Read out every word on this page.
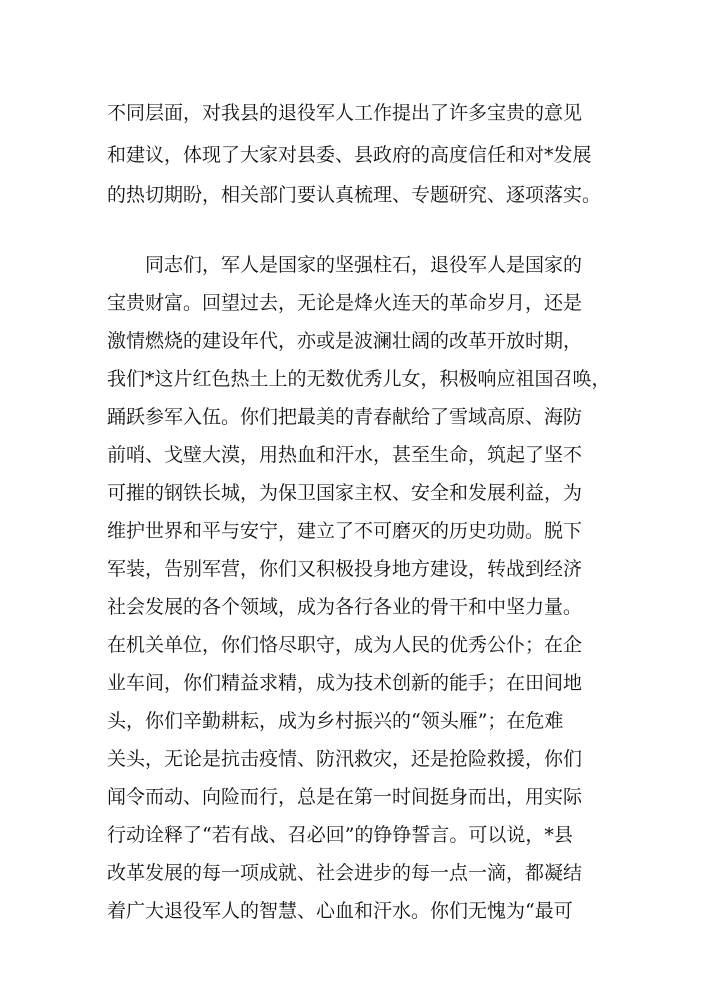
不同层面，对我县的退役军人工作提出了许多宝贵的意见
和建议，体现了大家对县委、县政府的高度信任和对*发展
的热切期盼，相关部门要认真梳理、专题研究、逐项落实。
同志们，军人是国家的坚强柱石，退役军人是国家的
宝贵财富。回望过去，无论是烽火连天的革命岁月，还是
激情燃烧的建设年代，亦或是波澜壮阔的改革开放时期，
我们*这片红色热土上的无数优秀儿女，积极响应祖国召唤，
踊跃参军入伍。你们把最美的青春献给了雪域高原、海防
前哨、戈壁大漠，用热血和汗水，甚至生命，筑起了坚不
可摧的钢铁长城，为保卫国家主权、安全和发展利益，为
维护世界和平与安宁，建立了不可磨灭的历史功勋。脱下
军装，告别军营，你们又积极投身地方建设，转战到经济
社会发展的各个领域，成为各行各业的骨干和中坚力量。
在机关单位，你们恪尽职守，成为人民的优秀公仆；在企
业车间，你们精益求精，成为技术创新的能手；在田间地
头，你们辛勤耕耘，成为乡村振兴的“领头雁”；在危难
关头，无论是抗击疫情、防汛救灾，还是抢险救援，你们
闻令而动、向险而行，总是在第一时间挺身而出，用实际
行动诠释了“若有战、召必回”的铮铮誓言。可以说，*县
改革发展的每一项成就、社会进步的每一点一滴，都凝结
着广大退役军人的智慧、心血和汗水。你们无愧为“最可
